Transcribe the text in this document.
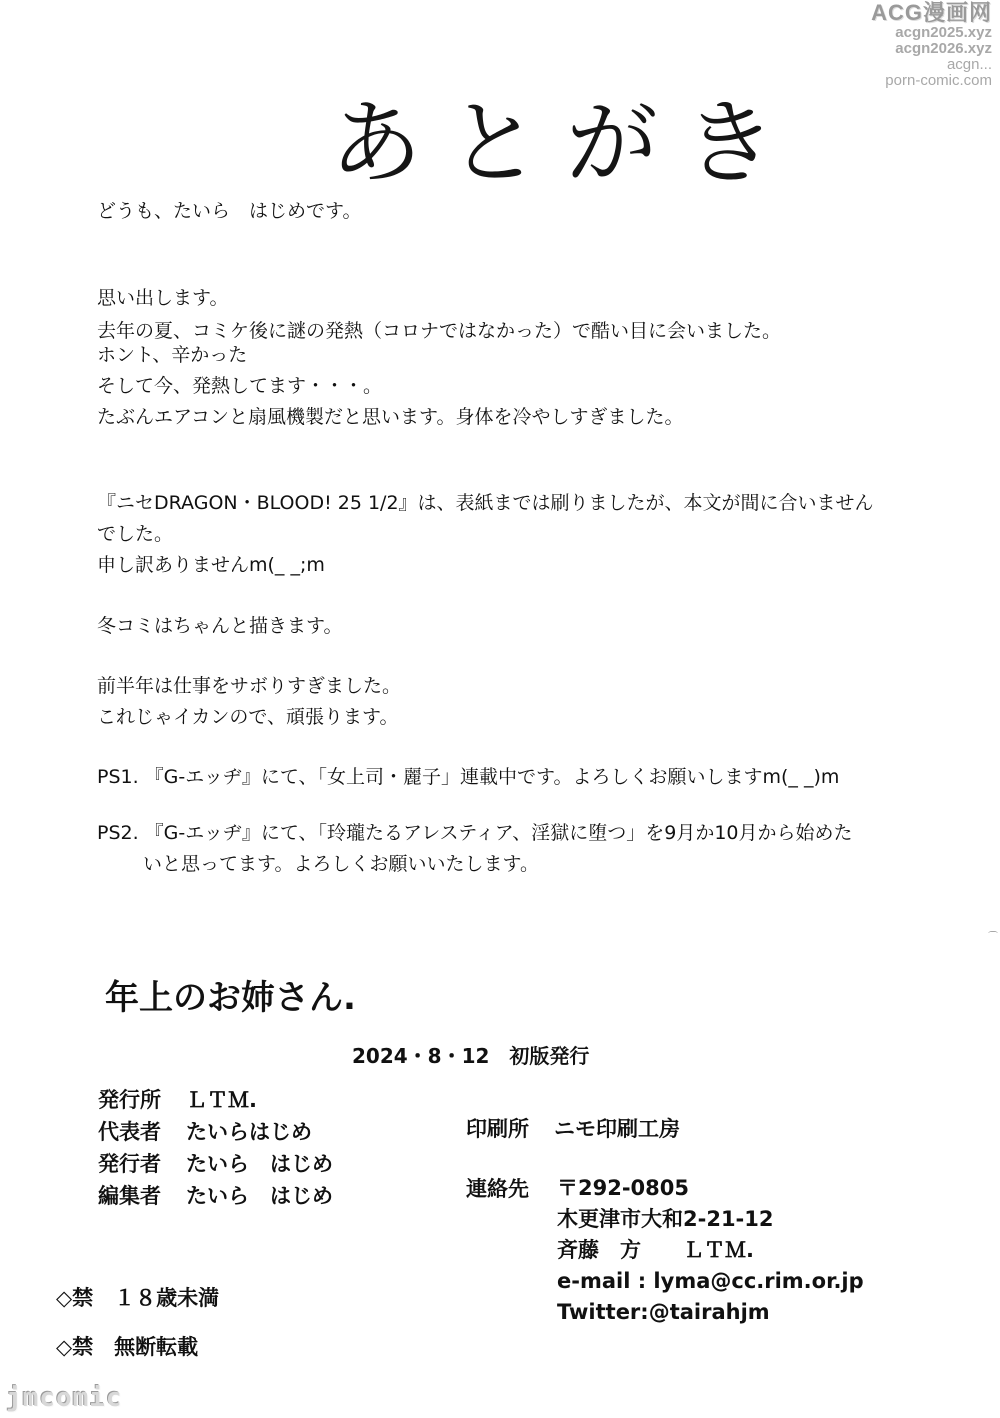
ACG漫画网
acgn2025.xyz
acgn2026.xyz
acgn...
porn-comic.com
あとがき
どうも、たいら　はじめです。
思い出します。
去年の夏、コミケ後に謎の発熱（コロナではなかった）で酷い目に会いました。
ホント、辛かった
そして今、発熱してます・・・。
たぶんエアコンと扇風機製だと思います。身体を冷やしすぎました。
『ニセDRAGON・BLOOD! 25 1/2』は、表紙までは刷りましたが、本文が間に合いません
でした。
申し訳ありませんm(_ _;m
冬コミはちゃんと描きます。
前半年は仕事をサボりすぎました。
これじゃイカンので、頑張ります。
PS1. 『G-エッヂ』にて、「女上司・麗子」連載中です。よろしくお願いしますm(_ _)m
PS2. 『G-エッヂ』にて、「玲瓏たるアレスティア、淫獄に堕つ」を9月か10月から始めた
いと思ってます。よろしくお願いいたします。
⌒
年上のお姉さん.
2024・8・12　初版発行
発行所 ＬＴＭ.
代表者 たいらはじめ
発行者 たいら　はじめ
編集者 たいら　はじめ
印刷所 ニモ印刷工房
連絡先 〒292-0805
木更津市大和2-21-12
斉藤　方　　ＬＴＭ.
e-mail : lyma@cc.rim.or.jp
Twitter:@tairahjm
◇禁　１８歳未満
◇禁　無断転載
jmcomic
